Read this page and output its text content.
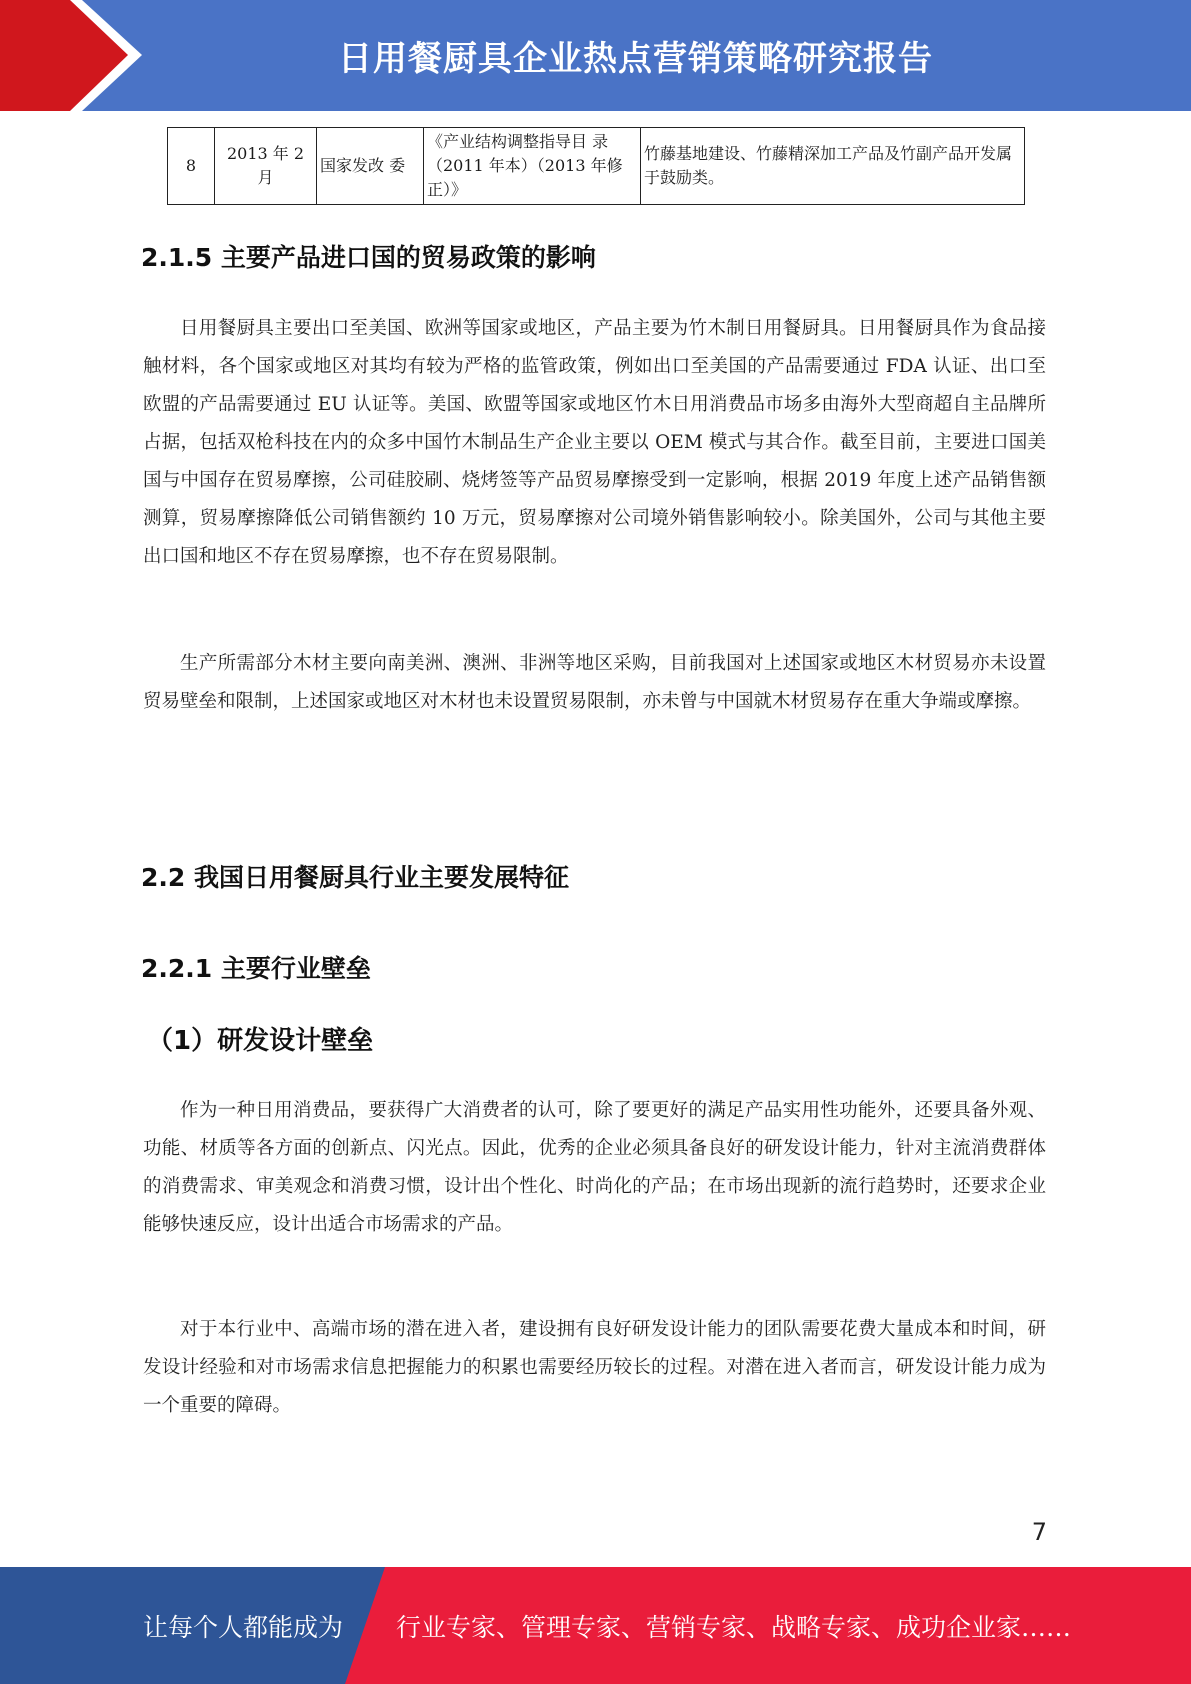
日用餐厨具企业热点营销策略研究报告
8	2013 年 2 月	国家发改 委	《产业结构调整指导目 录（2011 年本）（2013 年修正）》	竹藤基地建设、竹藤精深加工产品及竹副产品开发属于鼓励类。
2.1.5 主要产品进口国的贸易政策的影响

日用餐厨具主要出口至美国、欧洲等国家或地区，产品主要为竹木制日用餐厨具。日用餐厨具作为食品接触材料，各个国家或地区对其均有较为严格的监管政策，例如出口至美国的产品需要通过 FDA 认证、出口至欧盟的产品需要通过 EU 认证等。美国、欧盟等国家或地区竹木日用消费品市场多由海外大型商超自主品牌所占据，包括双枪科技在内的众多中国竹木制品生产企业主要以 OEM 模式与其合作。截至目前，主要进口国美国与中国存在贸易摩擦，公司硅胶刷、烧烤签等产品贸易摩擦受到一定影响，根据 2019 年度上述产品销售额测算，贸易摩擦降低公司销售额约 10 万元，贸易摩擦对公司境外销售影响较小。除美国外，公司与其他主要出口国和地区不存在贸易摩擦，也不存在贸易限制。

生产所需部分木材主要向南美洲、澳洲、非洲等地区采购，目前我国对上述国家或地区木材贸易亦未设置贸易壁垒和限制，上述国家或地区对木材也未设置贸易限制，亦未曾与中国就木材贸易存在重大争端或摩擦。

2.2 我国日用餐厨具行业主要发展特征
2.2.1 主要行业壁垒
（1）研发设计壁垒

作为一种日用消费品，要获得广大消费者的认可，除了要更好的满足产品实用性功能外，还要具备外观、功能、材质等各方面的创新点、闪光点。因此，优秀的企业必须具备良好的研发设计能力，针对主流消费群体的消费需求、审美观念和消费习惯，设计出个性化、时尚化的产品；在市场出现新的流行趋势时，还要求企业能够快速反应，设计出适合市场需求的产品。

对于本行业中、高端市场的潜在进入者，建设拥有良好研发设计能力的团队需要花费大量成本和时间，研发设计经验和对市场需求信息把握能力的积累也需要经历较长的过程。对潜在进入者而言，研发设计能力成为一个重要的障碍。

7
让每个人都能成为 行业专家、管理专家、营销专家、战略专家、成功企业家……
